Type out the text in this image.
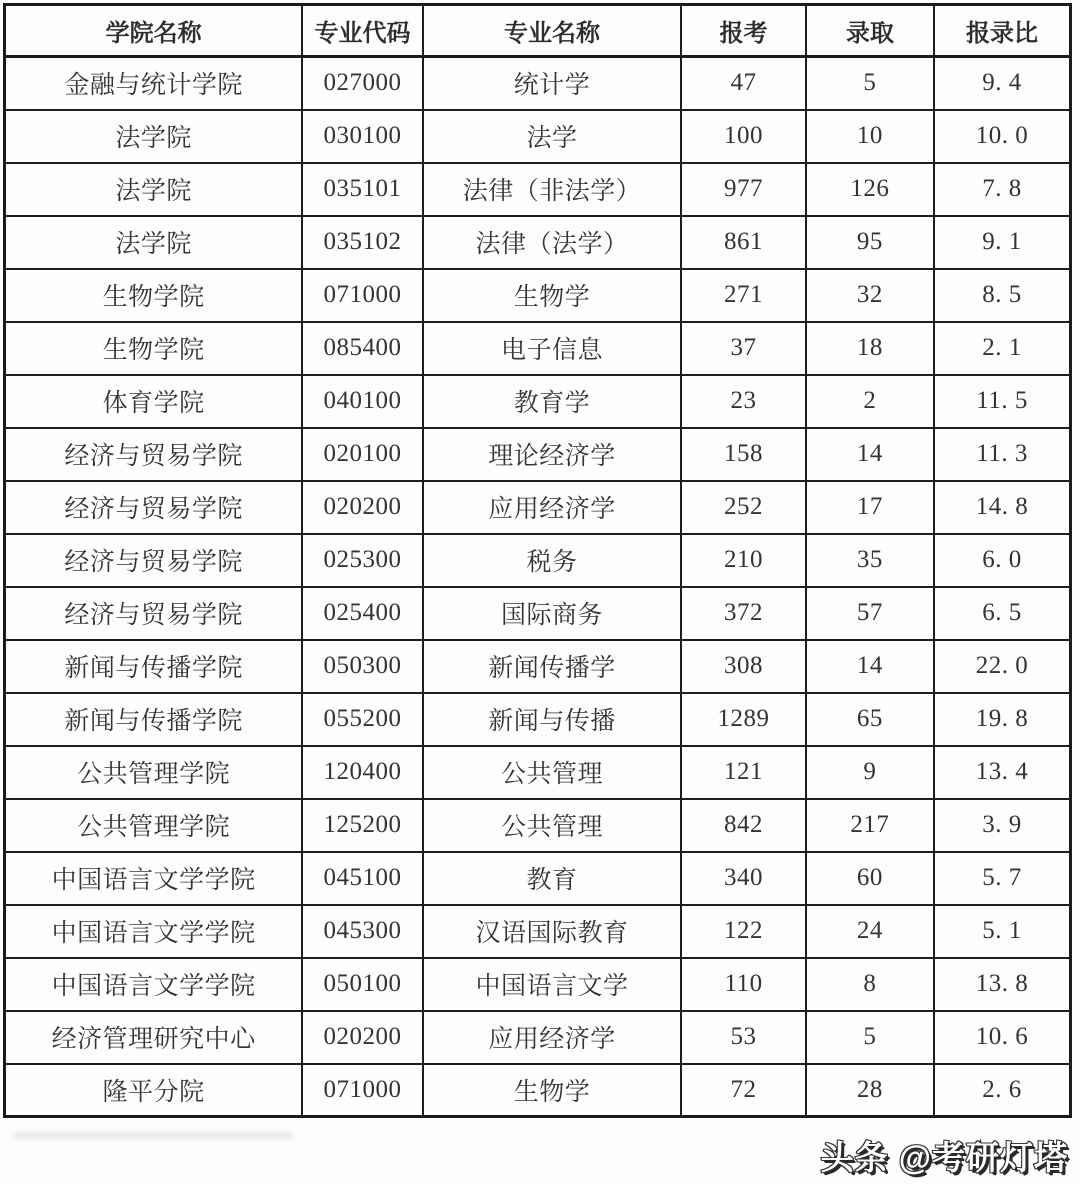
学院名称	专业代码	专业名称	报考	录取	报录比
金融与统计学院	027000	统计学	47	5	9. 4
法学院	030100	法学	100	10	10. 0
法学院	035101	法律（非法学）	977	126	7. 8
法学院	035102	法律（法学）	861	95	9. 1
生物学院	071000	生物学	271	32	8. 5
生物学院	085400	电子信息	37	18	2. 1
体育学院	040100	教育学	23	2	11. 5
经济与贸易学院	020100	理论经济学	158	14	11. 3
经济与贸易学院	020200	应用经济学	252	17	14. 8
经济与贸易学院	025300	税务	210	35	6. 0
经济与贸易学院	025400	国际商务	372	57	6. 5
新闻与传播学院	050300	新闻传播学	308	14	22. 0
新闻与传播学院	055200	新闻与传播	1289	65	19. 8
公共管理学院	120400	公共管理	121	9	13. 4
公共管理学院	125200	公共管理	842	217	3. 9
中国语言文学学院	045100	教育	340	60	5. 7
中国语言文学学院	045300	汉语国际教育	122	24	5. 1
中国语言文学学院	050100	中国语言文学	110	8	13. 8
经济管理研究中心	020200	应用经济学	53	5	10. 6
隆平分院	071000	生物学	72	28	2. 6
头条 @考研灯塔
